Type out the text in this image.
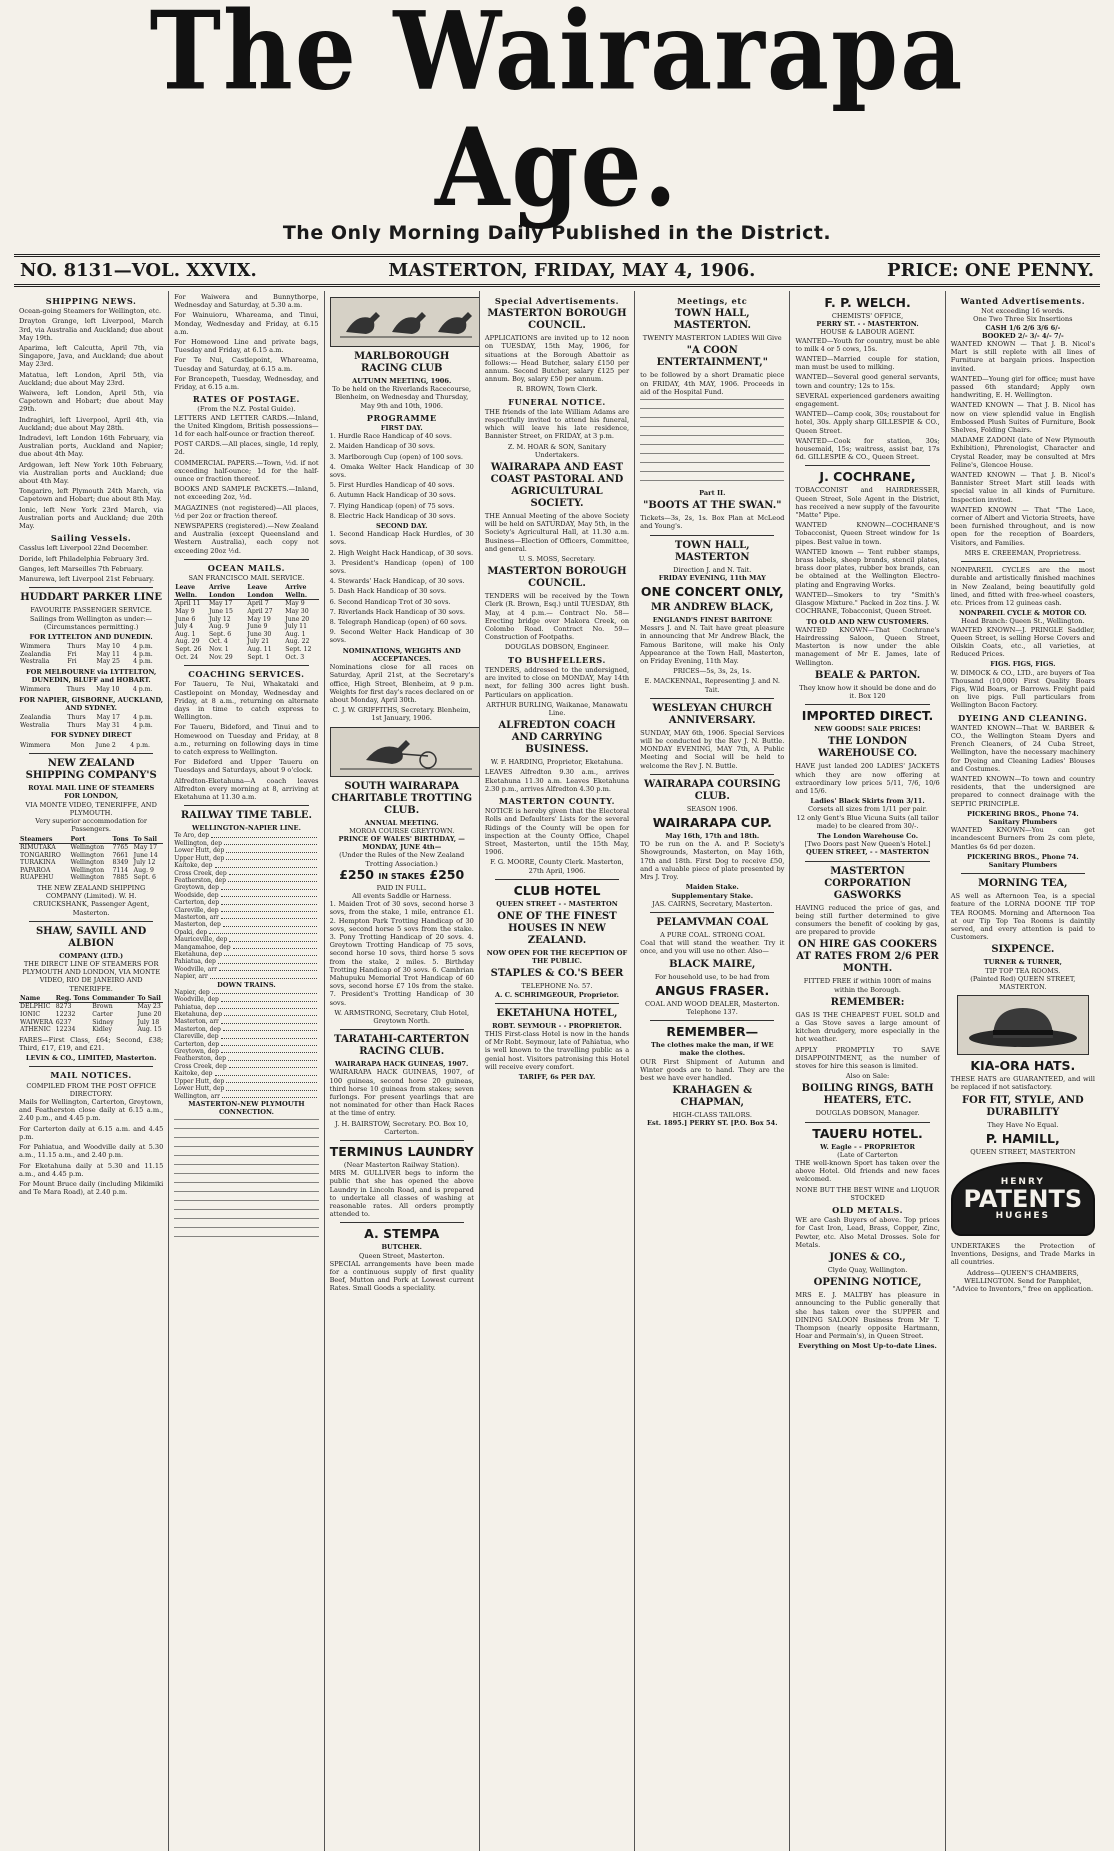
The Wairarapa Age.
The Only Morning Daily Published in the District.
NO. 8131—VOL. XXVIX.	MASTERTON, FRIDAY, MAY 4, 1906.	PRICE: ONE PENNY.
SHIPPING NEWS.

Ocean-going Steamers for Wellington, etc.

Drayton Grange, left Liverpool, March 3rd, via Australia and Auckland; due about May 19th.

Aparima, left Calcutta, April 7th, via Singapore, Java, and Auckland; due about May 23rd.

Matatua, left London, April 5th, via Auckland; due about May 23rd.

Waiwera, left London, April 5th, via Capetown and Hobart; due about May 29th.

Indraghiri, left Liverpool, April 4th, via Auckland; due about May 28th.

Indradevi, left London 16th February, via Australian ports, Auckland and Napier; due about 4th May.

Ardgowan, left New York 10th February, via Australian ports and Auckland; due about 4th May.

Tongariro, left Plymouth 24th March, via Capetown and Hobart; due about 8th May.

Ionic, left New York 23rd March, via Australian ports and Auckland; due 20th May.

Sailing Vessels.

Casslus left Liverpool 22nd December.

Doride, left Philadelphia February 3rd.

Ganges, left Marseilles 7th February.

Manurewa, left Liverpool 21st February.

HUDDART PARKER LINE
FAVOURITE PASSENGER SERVICE.

Sailings from Wellington as under:—(Circumstances permitting.)

FOR LYTTELTON AND DUNEDIN.
Wimmera	Thurs	May 10	4 p.m.
Zealandia	Fri	May 11	4 p.m.
Westralia	Fri	May 25	4 p.m.
FOR MELBOURNE via LYTTELTON, DUNEDIN, BLUFF and HOBART.
Wimmera	Thurs	May 10	4 p.m.
FOR NAPIER, GISBORNE, AUCKLAND, AND SYDNEY.
Zealandia	Thurs	May 17	4 p.m.
Westralia	Thurs	May 31	4 p.m.
FOR SYDNEY DIRECT
Wimmera	Mon	June 2	4 p.m.
NEW ZEALAND SHIPPING COMPANY'S
ROYAL MAIL LINE OF STEAMERS FOR LONDON,
VIA MONTE VIDEO, TENERIFFE, AND PLYMOUTH.
Very superior accommodation for Passengers.
Steamers	Port	Tons	To Sail
RIMUTAKA	Wellington	7765	May 17
TONGARIRO	Wellington	7661	June 14
TURAKINA	Wellington	8349	July 12
PAPAROA	Wellington	7114	Aug. 9
RUAPEHU	Wellington	7885	Sept. 6

THE NEW ZEALAND SHIPPING COMPANY (Limited). W. H. CRUICKSHANK, Passenger Agent, Masterton.

SHAW, SAVILL AND ALBION
COMPANY (LTD.)

THE DIRECT LINE OF STEAMERS FOR PLYMOUTH AND LONDON, VIA MONTE VIDEO, RIO DE JANEIRO AND TENERIFFE.

Name	Reg. Tons	Commander	To Sail
DELPHIC	8273	Brown	May 23
IONIC	12232	Carter	June 20
WAIWERA	6237	Sidney	July 18
ATHENIC	12234	Kidley	Aug. 15

FARES—First Class, £64; Second, £38; Third, £17, £19, and £21.

LEVIN & CO., LIMITED, Masterton.

MAIL NOTICES.
COMPILED FROM THE POST OFFICE DIRECTORY.

Mails for Wellington, Carterton, Greytown, and Featherston close daily at 6.15 a.m., 2.40 p.m., and 4.45 p.m.

For Carterton daily at 6.15 a.m. and 4.45 p.m.

For Pahiatua, and Woodville daily at 5.30 a.m., 11.15 a.m., and 2.40 p.m.

For Eketahuna daily at 5.30 and 11.15 a.m., and 4.45 p.m.

For Mount Bruce daily (including Mikimiki and Te Mara Road), at 2.40 p.m.

For Waiwera and Bunnythorpe, Wednesday and Saturday, at 5.30 a.m.

For Wainuioru, Whareama, and Tinui, Monday, Wednesday and Friday, at 6.15 a.m.

For Homewood Line and private bags, Tuesday and Friday, at 6.15 a.m.

For Te Nui, Castlepoint, Whareama, Tuesday and Saturday, at 6.15 a.m.

For Brancepeth, Tuesday, Wednesday, and Friday, at 6.15 a.m.

RATES OF POSTAGE.
(From the N.Z. Postal Guide).

LETTERS AND LETTER CARDS.—Inland, the United Kingdom, British possessions—1d for each half-ounce or fraction thereof.

POST CARDS.—All places, single, 1d reply, 2d.

COMMERCIAL PAPERS.—Town, ½d. if not exceeding half-ounce; 1d for the half-ounce or fraction thereof.

BOOKS AND SAMPLE PACKETS.—Inland, not exceeding 2oz, ½d.

MAGAZINES (not registered)—All places, ½d per 2oz or fraction thereof.

NEWSPAPERS (registered).—New Zealand and Australia (except Queensland and Western Australia), each copy not exceeding 20oz ½d.

OCEAN MAILS.
SAN FRANCISCO MAIL SERVICE.
Leave Welln.	Arrive London	Leave London	Arrive Welln.
April 11	May 17	April 7	May 9
May 9	June 15	April 27	May 30
June 6	July 12	May 19	June 20
July 4	Aug. 9	June 9	July 11
Aug. 1	Sept. 6	June 30	Aug. 1
Aug. 29	Oct. 4	July 21	Aug. 22
Sept. 26	Nov. 1	Aug. 11	Sept. 12
Oct. 24	Nov. 29	Sept. 1	Oct. 3
COACHING SERVICES.

For Taueru, Te Nui, Whakataki and Castlepoint on Monday, Wednesday and Friday, at 8 a.m., returning on alternate days in time to catch express to Wellington.

For Taueru, Bideford, and Tinui and to Homewood on Tuesday and Friday, at 8 a.m., returning on following days in time to catch express to Wellington.

For Bideford and Upper Taueru on Tuesdays and Saturdays, about 9 o'clock.

Alfredton-Eketahuna—A coach leaves Alfredton every morning at 8, arriving at Eketahuna at 11.30 a.m.

RAILWAY TIME TABLE.
WELLINGTON-NAPIER LINE.
Te Aro, dep
Wellington, dep
Lower Hutt, dep
Upper Hutt, dep
Kaitoke, dep
Cross Creek, dep
Featherston, dep
Greytown, dep
Woodside, dep
Carterton, dep
Clareville, dep
Masterton, arr
Masterton, dep
Opaki, dep
Mauriceville, dep
Mangamahoe, dep
Eketahuna, dep
Pahiatua, dep
Woodville, arr
Napier, arr
DOWN TRAINS.
Napier, dep
Woodville, dep
Pahiatua, dep
Eketahuna, dep
Masterton, arr
Masterton, dep
Clareville, dep
Carterton, dep
Greytown, dep
Featherston, dep
Cross Creek, dep
Kaitoke, dep
Upper Hutt, dep
Lower Hutt, dep
Wellington, arr
MASTERTON-NEW PLYMOUTH CONNECTION.
MARLBOROUGH RACING CLUB
AUTUMN MEETING, 1906.

To be held on the Riverlands Racecourse, Blenheim, on Wednesday and Thursday, May 9th and 10th, 1906.

PROGRAMME
FIRST DAY.

1. Hurdle Race Handicap of 40 sovs.

2. Maiden Handicap of 30 sovs.

3. Marlborough Cup (open) of 100 sovs.

4. Omaka Welter Hack Handicap of 30 sovs.

5. First Hurdles Handicap of 40 sovs.

6. Autumn Hack Handicap of 30 sovs.

7. Flying Handicap (open) of 75 sovs.

8. Electric Hack Handicap of 30 sovs.

SECOND DAY.

1. Second Handicap Hack Hurdles, of 30 sovs.

2. High Weight Hack Handicap, of 30 sovs.

3. President's Handicap (open) of 100 sovs.

4. Stewards' Hack Handicap, of 30 sovs.

5. Dash Hack Handicap of 30 sovs.

6. Second Handicap Trot of 30 sovs.

7. Riverlands Hack Handicap of 30 sovs.

8. Telegraph Handicap (open) of 60 sovs.

9. Second Welter Hack Handicap of 30 sovs.

NOMINATIONS, WEIGHTS AND ACCEPTANCES.

Nominations close for all races on Saturday, April 21st, at the Secretary's office, High Street, Blenheim, at 9 p.m. Weights for first day's races declared on or about Monday, April 30th.

C. J. W. GRIFFITHS, Secretary. Blenheim, 1st January, 1906.

SOUTH WAIRARAPA CHARITABLE TROTTING CLUB.
ANNUAL MEETING.
MOROA COURSE GREYTOWN.
PRINCE OF WALES' BIRTHDAY, —MONDAY, JUNE 4th—
(Under the Rules of the New Zealand Trotting Association.)
£250 IN STAKES £250
PAID IN FULL.
All events Saddle or Harness.

1. Maiden Trot of 30 sovs, second horse 3 sovs, from the stake, 1 mile, entrance £1. 2. Hempton Park Trotting Handicap of 30 sovs, second horse 5 sovs from the stake. 3. Pony Trotting Handicap of 20 sovs. 4. Greytown Trotting Handicap of 75 sovs, second horse 10 sovs, third horse 5 sovs from the stake, 2 miles. 5. Birthday Trotting Handicap of 30 sovs. 6. Cambrian Mahupuku Memorial Trot Handicap of 60 sovs, second horse £7 10s from the stake. 7. President's Trotting Handicap of 30 sovs.

W. ARMSTRONG, Secretary, Club Hotel, Greytown North.

TARATAHI-CARTERTON RACING CLUB.
WAIRARAPA HACK GUINEAS, 1907.

WAIRARAPA HACK GUINEAS, 1907, of 100 guineas, second horse 20 guineas, third horse 10 guineas from stakes; seven furlongs. For present yearlings that are not nominated for other than Hack Races at the time of entry.

J. H. BAIRSTOW, Secretary. P.O. Box 10, Carterton.

TERMINUS LAUNDRY
(Near Masterton Railway Station).

MRS M. GULLIVER begs to inform the public that she has opened the above Laundry in Lincoln Road, and is prepared to undertake all classes of washing at reasonable rates. All orders promptly attended to.

A. STEMPA
BUTCHER.
Queen Street, Masterton.

SPECIAL arrangements have been made for a continuous supply of first quality Beef, Mutton and Pork at Lowest current Rates. Small Goods a speciality.

Special Advertisements.
MASTERTON BOROUGH COUNCIL.

APPLICATIONS are invited up to 12 noon on TUESDAY, 15th May, 1906, for situations at the Borough Abattoir as follows:— Head Butcher, salary £150 per annum. Second Butcher, salary £125 per annum. Boy, salary £50 per annum.

R. BROWN, Town Clerk.

FUNERAL NOTICE.

THE friends of the late William Adams are respectfully invited to attend his funeral, which will leave his late residence, Bannister Street, on FRIDAY, at 3 p.m.

Z. M. HOAR & SON, Sanitary Undertakers.

WAIRARAPA AND EAST COAST PASTORAL AND AGRICULTURAL SOCIETY.

THE Annual Meeting of the above Society will be held on SATURDAY, May 5th, in the Society's Agricultural Hall, at 11.30 a.m. Business—Election of Officers, Committee, and general.

U. S. MOSS, Secretary.

MASTERTON BOROUGH COUNCIL.

TENDERS will be received by the Town Clerk (R. Brown, Esq.) until TUESDAY, 8th May, at 4 p.m.— Contract No. 58—Erecting bridge over Makora Creek, on Colombo Road. Contract No. 59—Construction of Footpaths.

DOUGLAS DOBSON, Engineer.

TO BUSHFELLERS.

TENDERS, addressed to the undersigned, are invited to close on MONDAY, May 14th next, for felling 300 acres light bush. Particulars on application.

ARTHUR BURLING, Waikanae, Manawatu Line.

ALFREDTON COACH AND CARRYING BUSINESS.

W. F. HARDING, Proprietor, Eketahuna.

LEAVES Alfredton 9.30 a.m., arrives Eketahuna 11.30 a.m. Leaves Eketahuna 2.30 p.m., arrives Alfredton 4.30 p.m.

MASTERTON COUNTY.

NOTICE is hereby given that the Electoral Rolls and Defaulters' Lists for the several Ridings of the County will be open for inspection at the County Office, Chapel Street, Masterton, until the 15th May, 1906.

F. G. MOORE, County Clerk. Masterton, 27th April, 1906.

CLUB HOTEL
QUEEN STREET - - MASTERTON
ONE OF THE FINEST HOUSES IN NEW ZEALAND.
NOW OPEN FOR THE RECEPTION OF THE PUBLIC.
STAPLES & CO.'S BEER
TELEPHONE No. 57.
A. C. SCHRIMGEOUR, Proprietor.
EKETAHUNA HOTEL,
ROBT. SEYMOUR - - PROPRIETOR.

THIS First-class Hotel is now in the hands of Mr Robt. Seymour, late of Pahiatua, who is well known to the travelling public as a genial host. Visitors patronising this Hotel will receive every comfort.

TARIFF, 6s PER DAY.
Meetings, etc
TOWN HALL, MASTERTON.
TWENTY MASTERTON LADIES Will Give
"A COON ENTERTAINMENT,"

to be followed by a short Dramatic piece on FRIDAY, 4th MAY, 1906. Proceeds in aid of the Hospital Fund.

Part II.
"BOOTS AT THE SWAN."

Tickets—3s, 2s, 1s. Box Plan at McLeod and Young's.

TOWN HALL, MASTERTON
Direction J. and N. Tait.
FRIDAY EVENING, 11th MAY
ONE CONCERT ONLY,
MR ANDREW BLACK,
ENGLAND'S FINEST BARITONE

Messrs J. and N. Tait have great pleasure in announcing that Mr Andrew Black, the Famous Baritone, will make his Only Appearance at the Town Hall, Masterton, on Friday Evening, 11th May.

PRICES—5s, 3s, 2s, 1s.

E. MACKENNAL, Representing J. and N. Tait.

WESLEYAN CHURCH ANNIVERSARY.

SUNDAY, MAY 6th, 1906. Special Services will be conducted by the Rev J. N. Buttle. MONDAY EVENING, MAY 7th, A Public Meeting and Social will be held to welcome the Rev J. N. Buttle.

WAIRARAPA COURSING CLUB.
SEASON 1906.
WAIRARAPA CUP.
May 16th, 17th and 18th.

TO be run on the A. and P. Society's Showgrounds, Masterton, on May 16th, 17th and 18th. First Dog to receive £50, and a valuable piece of plate presented by Mrs J. Troy.

Maiden Stake.
Supplementary Stake.

JAS. CAIRNS, Secretary, Masterton.

PELAMVMAN COAL
A PURE COAL. STRONG COAL

Coal that will stand the weather. Try it once, and you will use no other. Also—

BLACK MAIRE,
For household use, to be had from
ANGUS FRASER.
COAL AND WOOD DEALER, Masterton.
Telephone 137.
REMEMBER—
The clothes make the man, if WE make the clothes.

OUR First Shipment of Autumn and Winter goods are to hand. They are the best we have ever handled.

KRAHAGEN & CHAPMAN,
HIGH-CLASS TAILORS.
Est. 1895.] PERRY ST. [P.O. Box 54.
F. P. WELCH.
CHEMISTS' OFFICE,
PERRY ST. - - MASTERTON.
HOUSE & LABOUR AGENT.

WANTED—Youth for country, must be able to milk 4 or 5 cows, 15s.

WANTED—Married couple for station, man must be used to milking.

WANTED—Several good general servants, town and country; 12s to 15s.

SEVERAL experienced gardeners awaiting engagement.

WANTED—Camp cook, 30s; roustabout for hotel, 30s. Apply sharp GILLESPIE & CO., Queen Street.

WANTED—Cook for station, 30s; housemaid, 15s; waitress, assist bar, 17s 6d. GILLESPIE & CO., Queen Street.

J. COCHRANE,

TOBACCONIST and HAIRDRESSER, Queen Street, Sole Agent in the District, has received a new supply of the favourite "Matte" Pipe.

WANTED KNOWN—COCHRANE'S Tobacconist, Queen Street window for 1s pipes. Best value in town.

WANTED known — Tent rubber stamps, brass labels, sheep brands, stencil plates, brass door plates, rubber box brands, can be obtained at the Wellington Electro-plating and Engraving Works.

WANTED—Smokers to try "Smith's Glasgow Mixture." Packed in 2oz tins. J. W. COCHRANE, Tobacconist, Queen Street.

TO OLD AND NEW CUSTOMERS.

WANTED KNOWN—That Cochrane's Hairdressing Saloon, Queen Street, Masterton is now under the able management of Mr E. James, late of Wellington.

BEALE & PARTON.

They know how it should be done and do it. Box 120

IMPORTED DIRECT.
NEW GOODS! SALE PRICES!
THE LONDON WAREHOUSE CO.

HAVE just landed 200 LADIES' JACKETS which they are now offering at extraordinary low prices 5/11, 7/6, 10/6 and 15/6.

Ladies' Black Skirts from 3/11.
Corsets all sizes from 1/11 per pair.

12 only Gent's Blue Vicuna Suits (all tailor made) to be cleared from 30/-.

The London Warehouse Co.
[Two Doors past New Queen's Hotel.]
QUEEN STREET, - - MASTERTON
MASTERTON CORPORATION GASWORKS

HAVING reduced the price of gas, and being still further determined to give consumers the benefit of cooking by gas, are prepared to provide

ON HIRE GAS COOKERS AT RATES FROM 2/6 PER MONTH.

FITTED FREE if within 100ft of mains within the Borough.

REMEMBER:

GAS IS THE CHEAPEST FUEL SOLD and a Gas Stove saves a large amount of kitchen drudgery, more especially in the hot weather.

APPLY PROMPTLY TO SAVE DISAPPOINTMENT, as the number of stoves for hire this season is limited.

Also on Sale:
BOILING RINGS, BATH HEATERS, ETC.
DOUGLAS DOBSON, Manager.
TAUERU HOTEL.
W. Eagle - - PROPRIETOR
(Late of Carterton

THE well-known Sport has taken over the above Hotel. Old friends and new faces welcomed.

NONE BUT THE BEST WINE and LIQUOR STOCKED
OLD METALS.

WE are Cash Buyers of above. Top prices for Cast Iron, Lead, Brass, Copper, Zinc, Pewter, etc. Also Metal Drosses. Sole for Metals.

JONES & CO.,
Clyde Quay, Wellington.
OPENING NOTICE,

MRS E. J. MALTBY has pleasure in announcing to the Public generally that she has taken over the SUPPER and DINING SALOON Business from Mr T. Thompson (nearly opposite Hartmann, Hoar and Permain's), in Queen Street.

Everything on Most Up-to-date Lines.
Wanted Advertisements.
Not exceeding 16 words.
One Two Three Six Insertions
CASH 1/6 2/6 3/6 6/-
BOOKED 2/- 3/- 4/- 7/-

WANTED KNOWN — That J. B. Nicol's Mart is still replete with all lines of Furniture at bargain prices. Inspection invited.

WANTED—Young girl for office; must have passed 6th standard; Apply own handwriting, E. H. Wellington.

WANTED KNOWN — That J. B. Nicol has now on view splendid value in English Embossed Plush Suites of Furniture, Book Shelves, Folding Chairs.

MADAME ZADONI (late of New Plymouth Exhibition), Phrenologist, Character and Crystal Reader, may be consulted at Mrs Feline's, Glencoe House.

WANTED KNOWN — That J. B. Nicol's Bannister Street Mart still leads with special value in all kinds of Furniture. Inspection invited.

WANTED KNOWN — That "The Lace, corner of Albert and Victoria Streets, have been furnished throughout, and is now open for the reception of Boarders, Visitors, and Families.

MRS E. CREEEMAN, Proprietress.

NONPAREIL CYCLES are the most durable and artistically finished machines in New Zealand, being beautifully gold lined, and fitted with free-wheel coasters, etc. Prices from 12 guineas cash.

NONPAREIL CYCLE & MOTOR CO.
Head Branch: Queen St., Wellington.

WANTED KNOWN—J. PRINGLE Saddler, Queen Street, is selling Horse Covers and Oilskin Coats, etc., all varieties, at Reduced Prices.

FIGS. FIGS, FIGS.

W. DIMOCK & CO., LTD., are buyers of Tea Thousand (10,000) First Quality Boars Figs, Wild Boars, or Barrows. Freight paid on live pigs. Full particulars from Wellington Bacon Factory.

DYEING AND CLEANING.

WANTED KNOWN—That W. BARBER & CO., the Wellington Steam Dyers and French Cleaners, of 24 Cuba Street, Wellington, have the necessary machinery for Dyeing and Cleaning Ladies' Blouses and Costumes.

WANTED KNOWN—To town and country residents, that the undersigned are prepared to connect drainage with the SEPTIC PRINCIPLE.

PICKERING BROS., Phone 74. Sanitary Plumbers

WANTED KNOWN—You can get incandescent Burners from 2s com plete, Mantles 6s 6d per dozen.

PICKERING BROS., Phone 74. Sanitary Plumbers
MORNING TEA,

AS well as Afternoon Tea, is a special feature of the LORNA DOONE TIP TOP TEA ROOMS. Morning and Afternoon Tea at our Tip Top Tea Rooms is daintily served, and every attention is paid to Customers.

SIXPENCE.
TURNER & TURNER,
TIP TOP TEA ROOMS.
(Painted Red) QUEEN STREET, MASTERTON.
KIA-ORA HATS.

THESE HATS are GUARANTEED, and will be replaced if not satisfactory.

FOR FIT, STYLE, AND DURABILITY
They Have No Equal.
P. HAMILL,
QUEEN STREET, MASTERTON
HENRY
PATENTS
HUGHES

UNDERTAKES the Protection of Inventions, Designs, and Trade Marks in all countries.

Address—QUEEN'S CHAMBERS, WELLINGTON. Send for Pamphlet, "Advice to Inventors," free on application.
